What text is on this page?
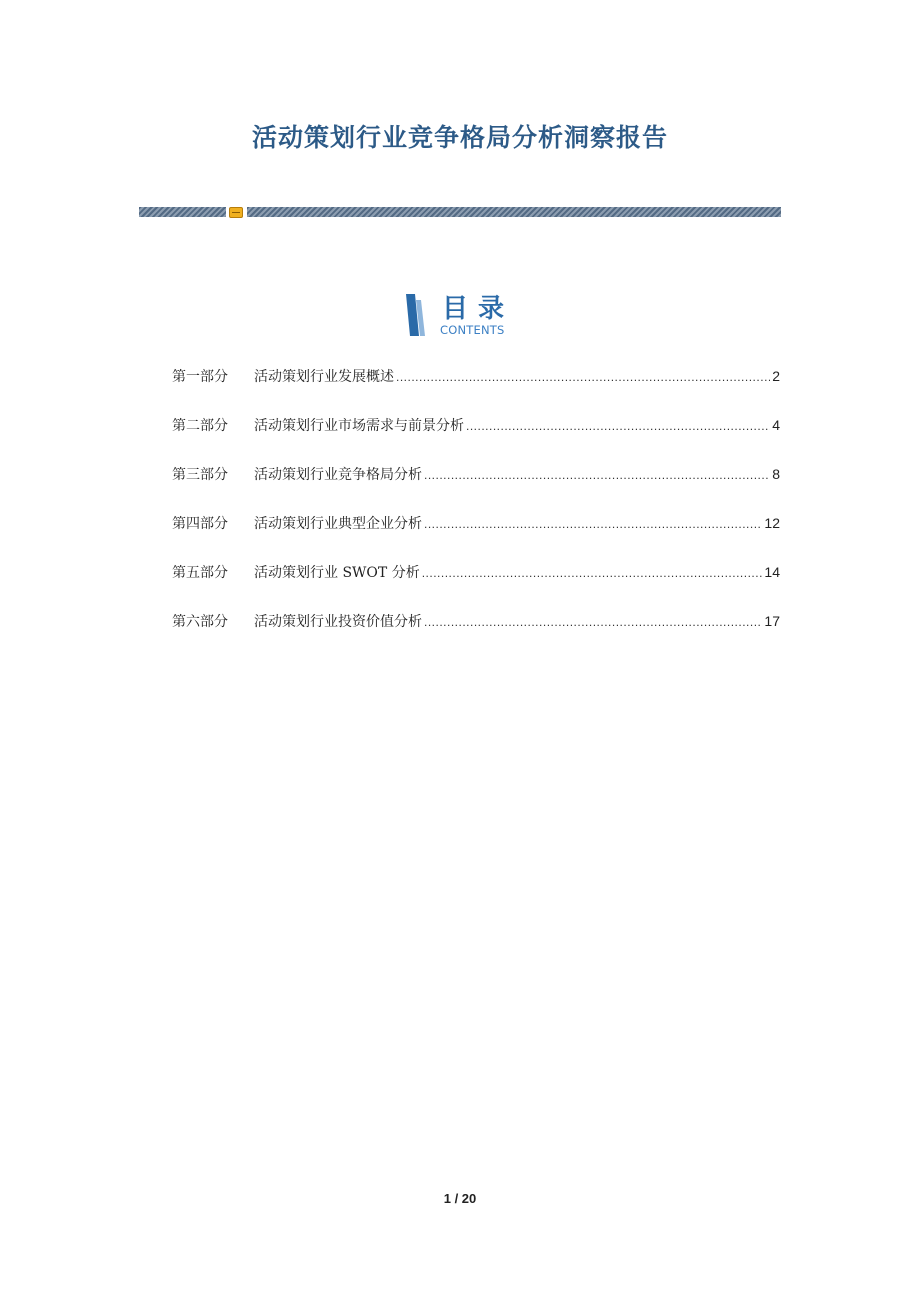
活动策划行业竞争格局分析洞察报告
目录
CONTENTS
第一部分	活动策划行业发展概述 .....	2
第二部分	活动策划行业市场需求与前景分析 .....	4
第三部分	活动策划行业竞争格局分析 .....	8
第四部分	活动策划行业典型企业分析 .....	12
第五部分	活动策划行业 SWOT 分析 .....	14
第六部分	活动策划行业投资价值分析 .....	17
1 / 20
